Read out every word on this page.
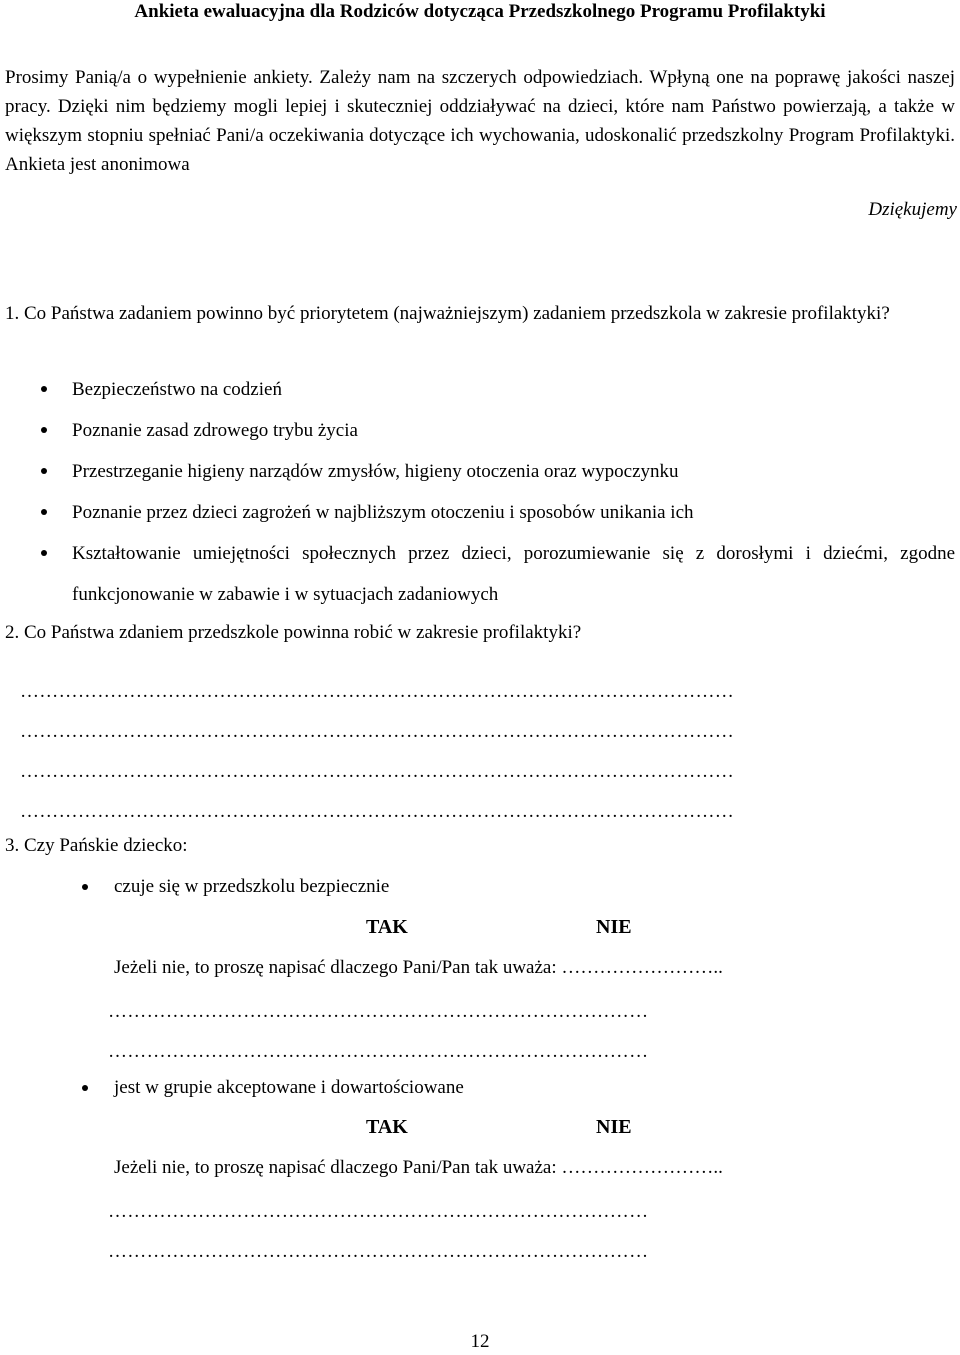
Ankieta ewaluacyjna dla Rodziców dotycząca Przedszkolnego Programu Profilaktyki
Prosimy Panią/a o wypełnienie ankiety. Zależy nam na szczerych odpowiedziach. Wpłyną one na poprawę jakości naszej pracy. Dzięki nim będziemy mogli lepiej i skuteczniej oddziaływać na dzieci, które nam Państwo powierzają, a także w większym stopniu spełniać Pani/a oczekiwania dotyczące ich wychowania, udoskonalić przedszkolny Program Profilaktyki. Ankieta jest anonimowa
Dziękujemy
1. Co Państwa zadaniem powinno być priorytetem (najważniejszym) zadaniem przedszkola w zakresie profilaktyki?
Bezpieczeństwo na codzień
Poznanie zasad zdrowego trybu życia
Przestrzeganie higieny narządów zmysłów, higieny otoczenia oraz wypoczynku
Poznanie przez dzieci zagrożeń w najbliższym otoczeniu i sposobów unikania ich
Kształtowanie umiejętności społecznych przez dzieci, porozumiewanie się z dorosłymi i dziećmi, zgodne funkcjonowanie w zabawie i w sytuacjach zadaniowych
2. Co Państwa zdaniem przedszkole powinna robić w zakresie profilaktyki?
…………………………………………………………………………………………………
…………………………………………………………………………………………………
…………………………………………………………………………………………………
…………………………………………………………………………………………………
3. Czy Pańskie dziecko:
czuje się w przedszkolu bezpiecznie
TAK	NIE
Jeżeli nie, to proszę napisać dlaczego Pani/Pan tak uważa: ……………………..
…………………………………………………………………………
…………………………………………………………………………
jest w grupie akceptowane i dowartościowane
TAK	NIE
Jeżeli nie, to proszę napisać dlaczego Pani/Pan tak uważa: ……………………..
…………………………………………………………………………
…………………………………………………………………………
12
